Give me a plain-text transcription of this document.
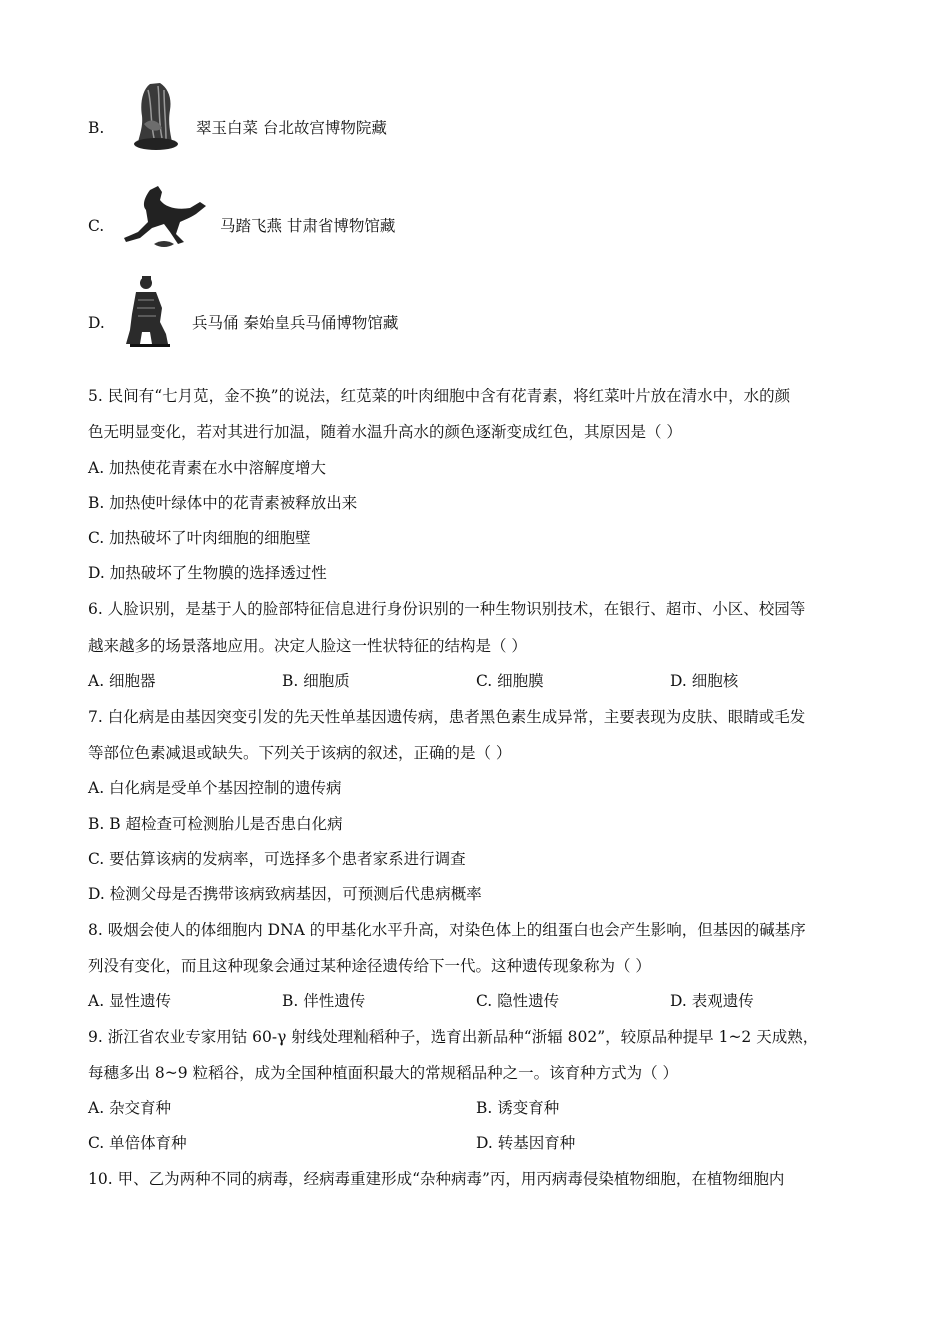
B.	翠玉白菜 台北故宫博物院藏
C.	马踏飞燕 甘肃省博物馆藏
D.	兵马俑 秦始皇兵马俑博物馆藏
5. 民间有“七月苋，金不换”的说法，红苋菜的叶肉细胞中含有花青素，将红菜叶片放在清水中，水的颜
色无明显变化，若对其进行加温，随着水温升高水的颜色逐渐变成红色，其原因是（ ）
A. 加热使花青素在水中溶解度增大
B. 加热使叶绿体中的花青素被释放出来
C. 加热破坏了叶肉细胞的细胞壁
D. 加热破坏了生物膜的选择透过性
6. 人脸识别，是基于人的脸部特征信息进行身份识别的一种生物识别技术，在银行、超市、小区、校园等
越来越多的场景落地应用。决定人脸这一性状特征的结构是（ ）
A. 细胞器	B. 细胞质	C. 细胞膜	D. 细胞核
7. 白化病是由基因突变引发的先天性单基因遗传病，患者黑色素生成异常，主要表现为皮肤、眼睛或毛发
等部位色素减退或缺失。下列关于该病的叙述，正确的是（ ）
A. 白化病是受单个基因控制的遗传病
B. B 超检查可检测胎儿是否患白化病
C. 要估算该病的发病率，可选择多个患者家系进行调查
D. 检测父母是否携带该病致病基因，可预测后代患病概率
8. 吸烟会使人的体细胞内 DNA 的甲基化水平升高，对染色体上的组蛋白也会产生影响，但基因的碱基序
列没有变化，而且这种现象会通过某种途径遗传给下一代。这种遗传现象称为（ ）
A. 显性遗传	B. 伴性遗传	C. 隐性遗传	D. 表观遗传
9. 浙江省农业专家用钴 60-γ 射线处理籼稻种子，选育出新品种“浙辐 802”，较原品种提早 1~2 天成熟，
每穗多出 8~9 粒稻谷，成为全国种植面积最大的常规稻品种之一。该育种方式为（ ）
A. 杂交育种	B. 诱变育种
C. 单倍体育种	D. 转基因育种
10. 甲、乙为两种不同的病毒，经病毒重建形成“杂种病毒”丙，用丙病毒侵染植物细胞，在植物细胞内
